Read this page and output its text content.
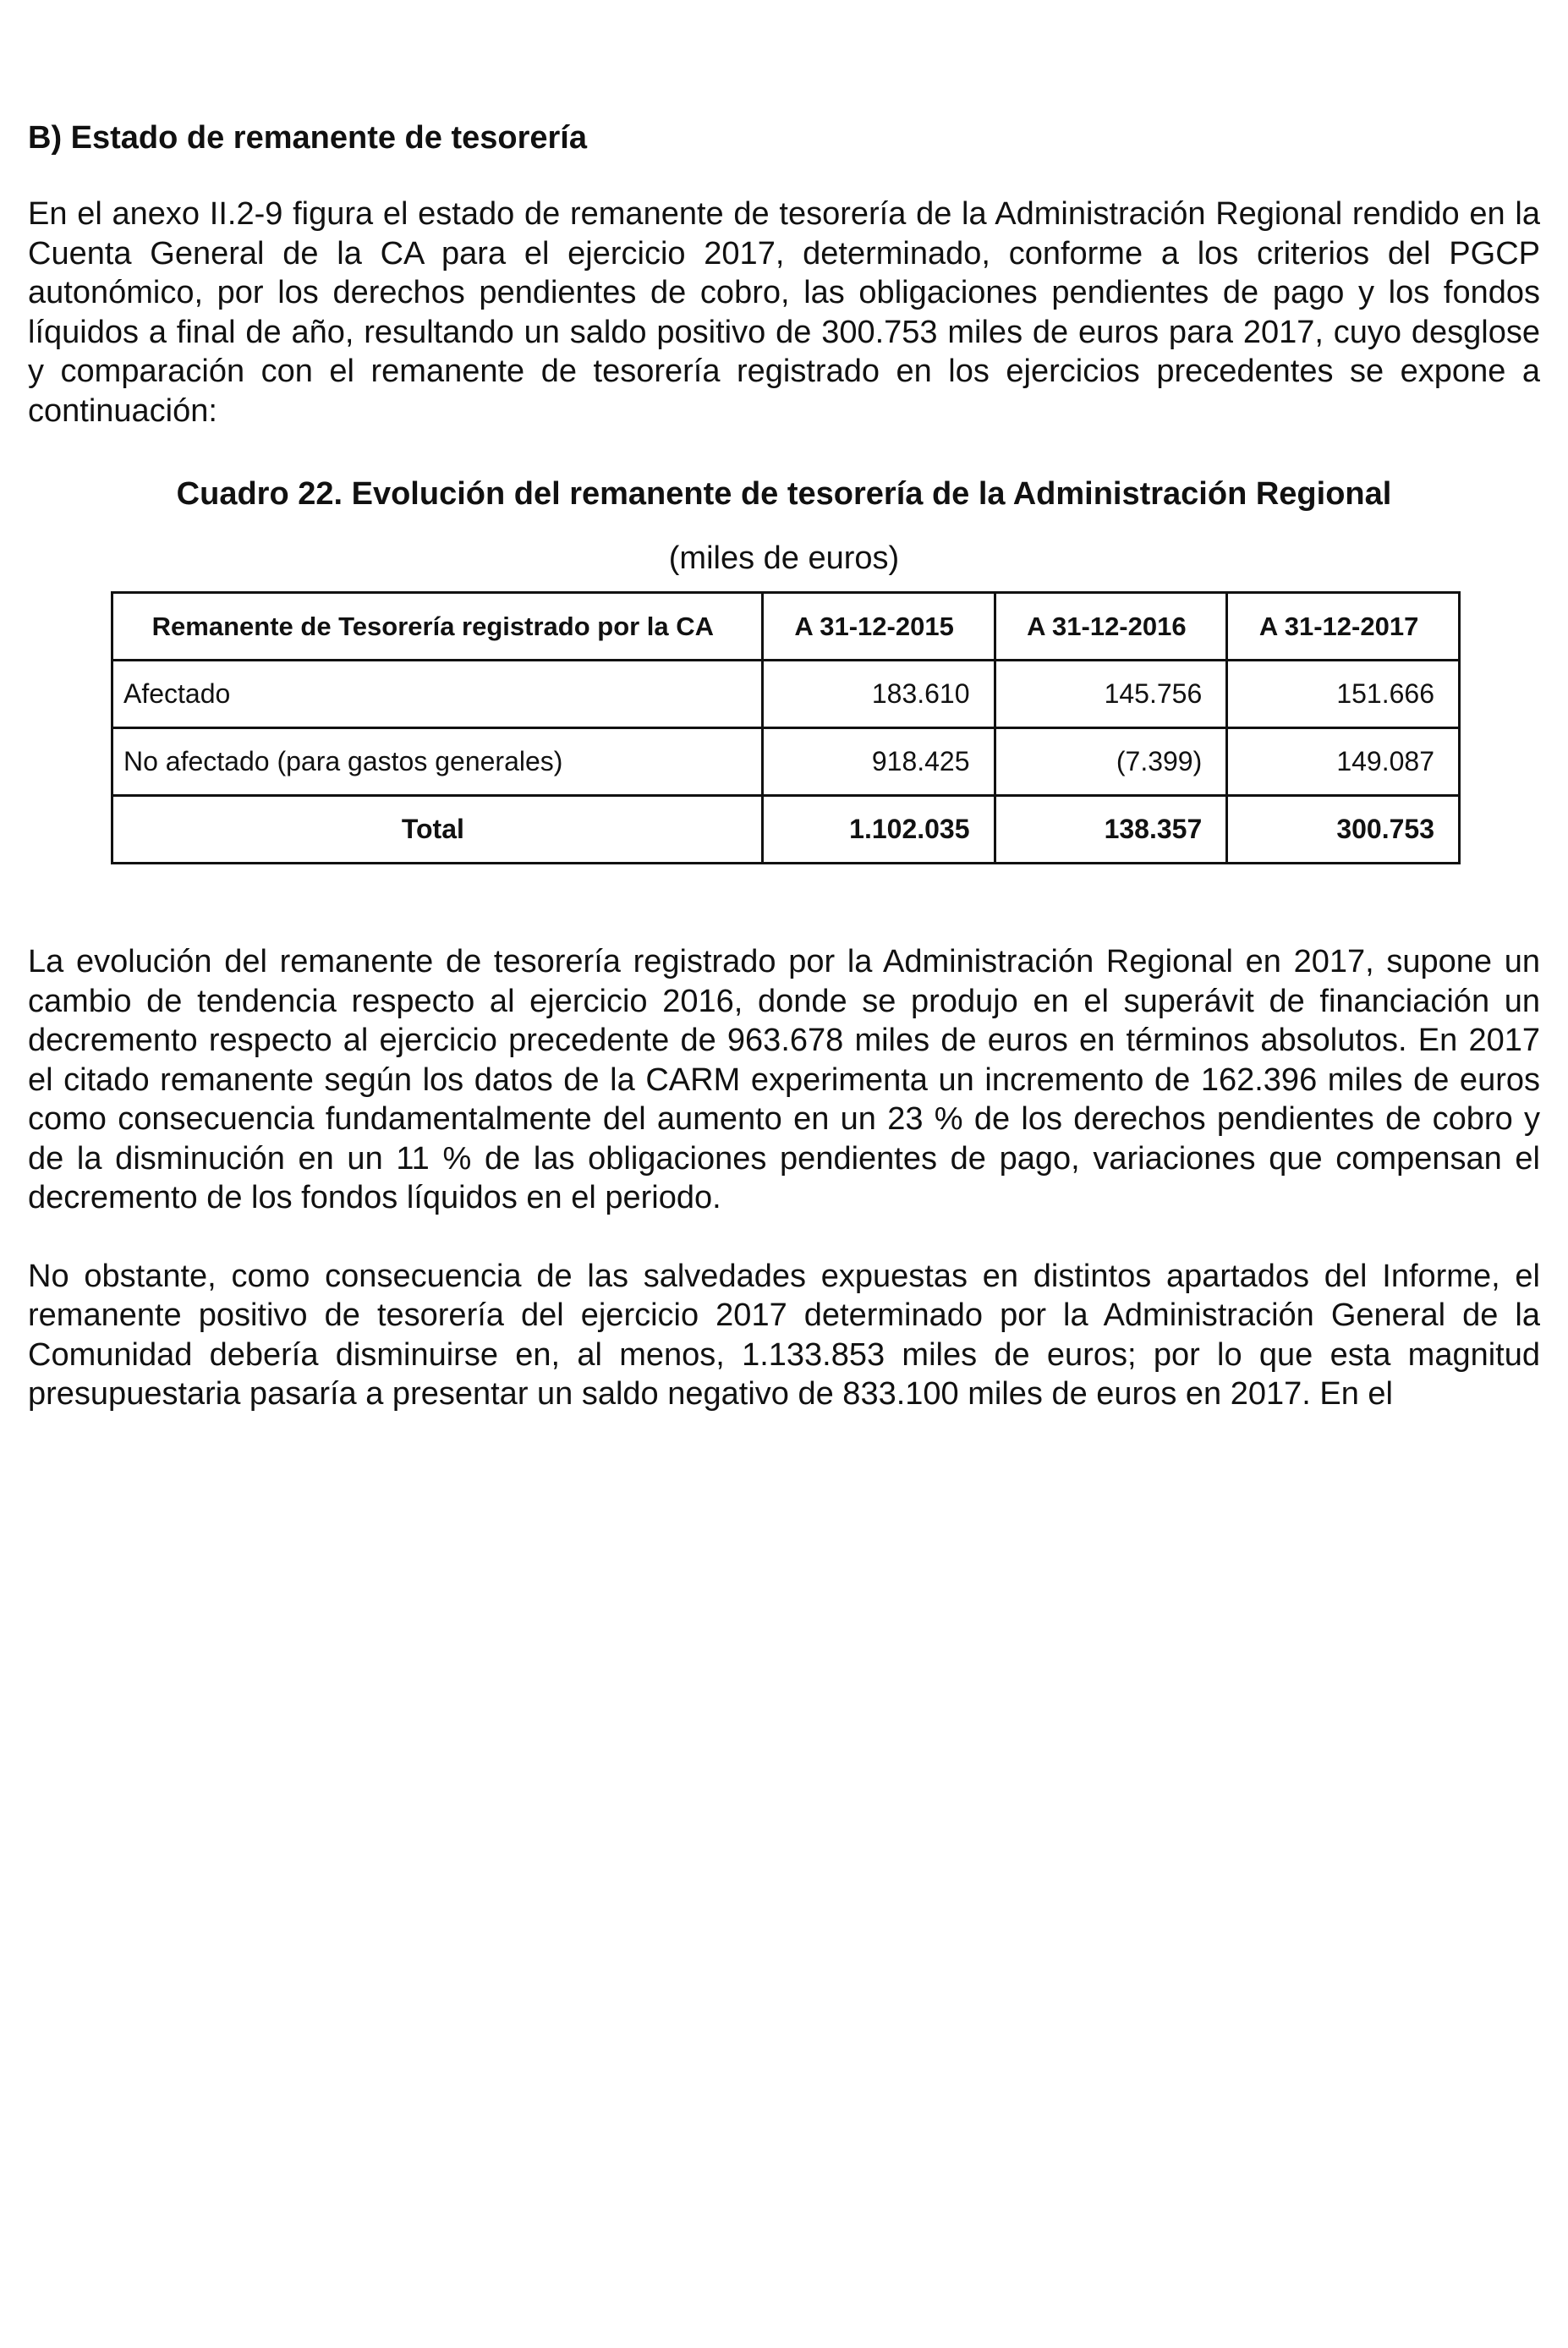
B) Estado de remanente de tesorería

En el anexo II.2-9 figura el estado de remanente de tesorería de la Administración Regional rendido en la Cuenta General de la CA para el ejercicio 2017, determinado, conforme a los criterios del PGCP autonómico, por los derechos pendientes de cobro, las obligaciones pendientes de pago y los fondos líquidos a final de año, resultando un saldo positivo de 300.753 miles de euros para 2017, cuyo desglose y comparación con el remanente de tesorería registrado en los ejercicios precedentes se expone a continuación:

Cuadro 22. Evolución del remanente de tesorería de la Administración Regional
(miles de euros)
Remanente de Tesorería registrado por la CA	A 31-12-2015	A 31-12-2016	A 31-12-2017
Afectado	183.610	145.756	151.666
No afectado (para gastos generales)	918.425	(7.399)	149.087
Total	1.102.035	138.357	300.753

La evolución del remanente de tesorería registrado por la Administración Regional en 2017, supone un cambio de tendencia respecto al ejercicio 2016, donde se produjo en el superávit de financiación un decremento respecto al ejercicio precedente de 963.678 miles de euros en términos absolutos. En 2017 el citado remanente según los datos de la CARM experimenta un incremento de 162.396 miles de euros como consecuencia fundamentalmente del aumento en un 23 % de los derechos pendientes de cobro y de la disminución en un 11 % de las obligaciones pendientes de pago, variaciones que compensan el decremento de los fondos líquidos en el periodo.

No obstante, como consecuencia de las salvedades expuestas en distintos apartados del Informe, el remanente positivo de tesorería del ejercicio 2017 determinado por la Administración General de la Comunidad debería disminuirse en, al menos, 1.133.853 miles de euros; por lo que esta magnitud presupuestaria pasaría a presentar un saldo negativo de 833.100 miles de euros en 2017. En el
